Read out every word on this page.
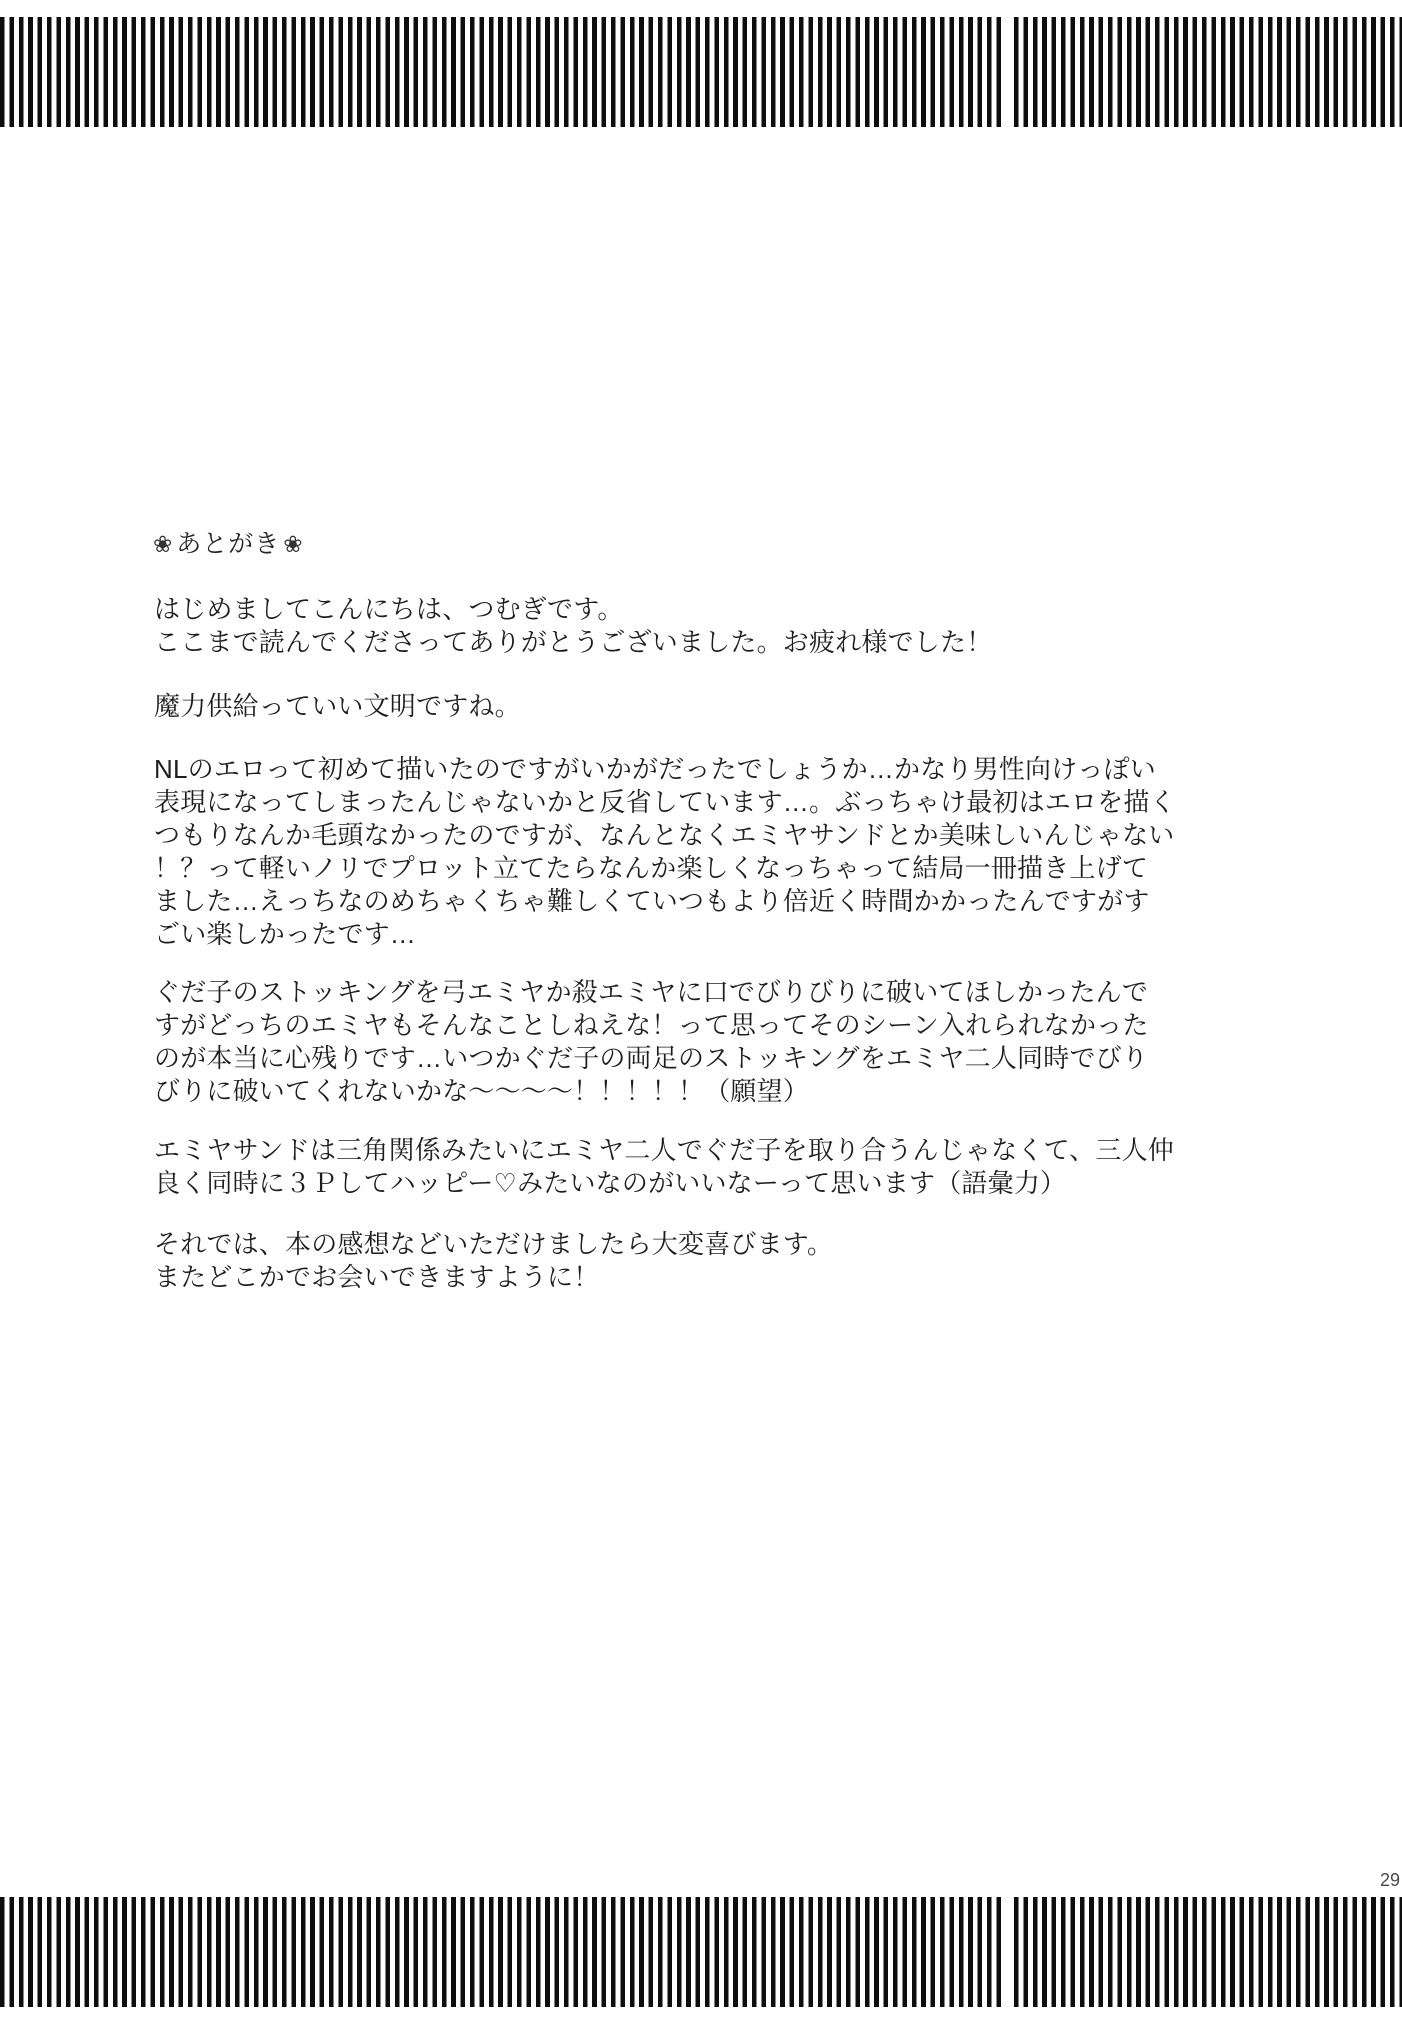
❀ あとがき ❀
はじめましてこんにちは、つむぎです。
ここまで読んでくださってありがとうございました。お疲れ様でした！
魔力供給っていい文明ですね。
NLのエロって初めて描いたのですがいかがだったでしょうか…かなり男性向けっぽい
表現になってしまったんじゃないかと反省しています…。ぶっちゃけ最初はエロを描く
つもりなんか毛頭なかったのですが、なんとなくエミヤサンドとか美味しいんじゃない
！？って軽いノリでプロット立てたらなんか楽しくなっちゃって結局一冊描き上げて
ました…えっちなのめちゃくちゃ難しくていつもより倍近く時間かかったんですがす
ごい楽しかったです…
ぐだ子のストッキングを弓エミヤか殺エミヤに口でびりびりに破いてほしかったんで
すがどっちのエミヤもそんなことしねえな！って思ってそのシーン入れられなかった
のが本当に心残りです…いつかぐだ子の両足のストッキングをエミヤ二人同時でびり
びりに破いてくれないかな～～～～！！！！！（願望）
エミヤサンドは三角関係みたいにエミヤ二人でぐだ子を取り合うんじゃなくて、三人仲
良く同時に３Ｐしてハッピー♡みたいなのがいいなーって思います（語彙力）
それでは、本の感想などいただけましたら大変喜びます。
またどこかでお会いできますように！
29
